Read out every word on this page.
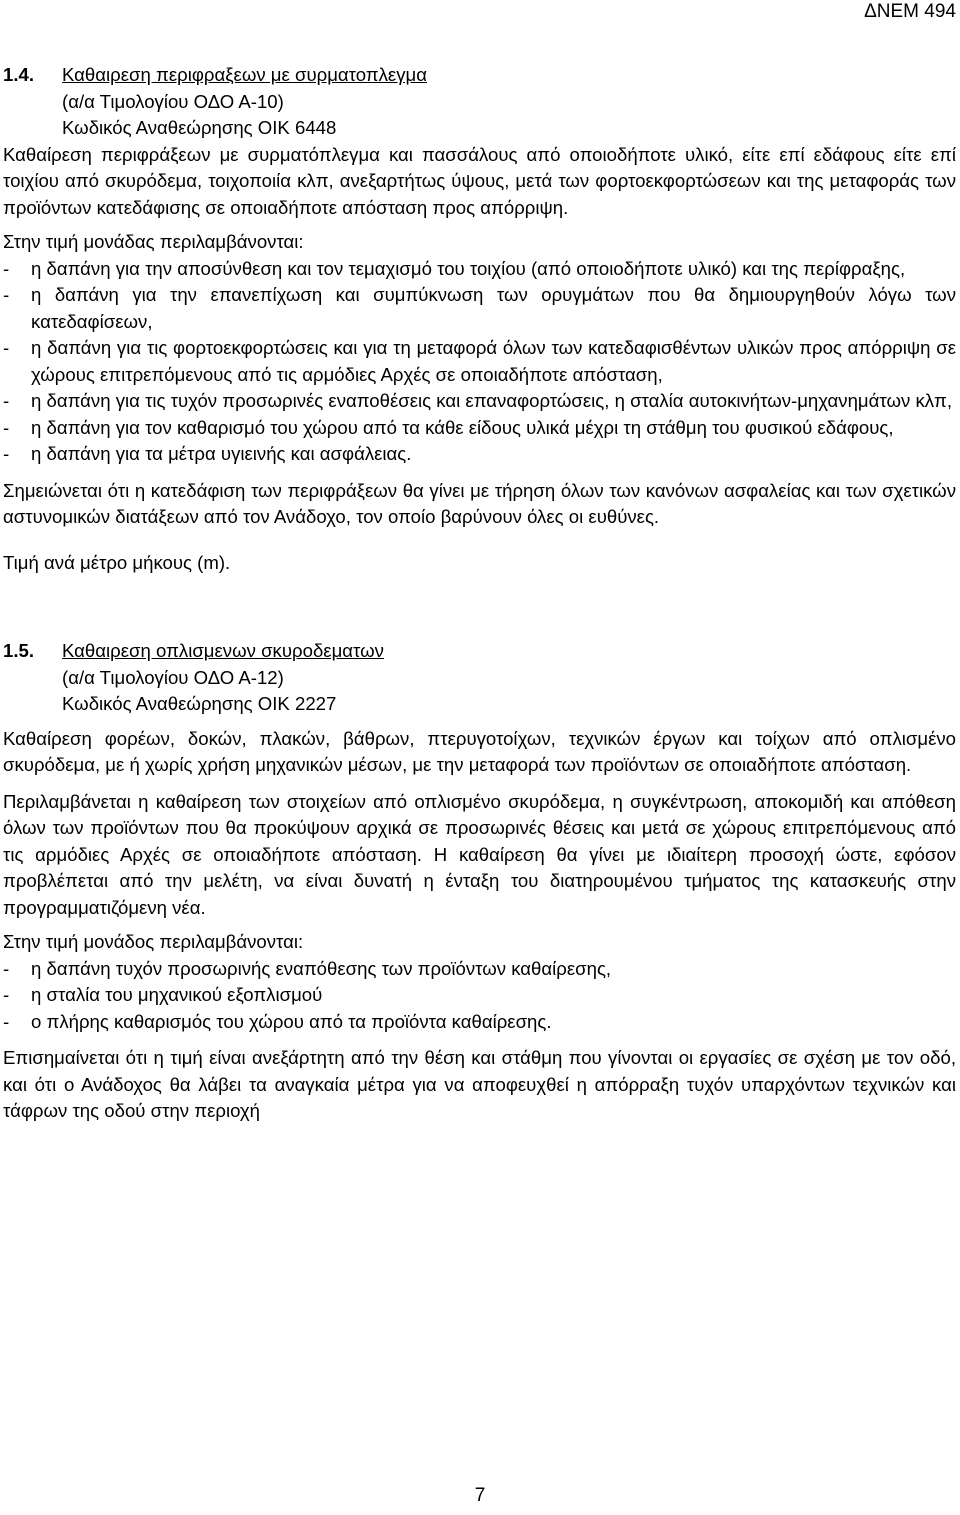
ΔΝΕΜ 494
1.4. Καθαιρεση περιφραξεων με συρματοπλεγμα
(α/α Τιμολογίου ΟΔΟ Α-10)
Κωδικός Αναθεώρησης ΟΙΚ 6448

Καθαίρεση περιφράξεων με συρματόπλεγμα και πασσάλους από οποιοδήποτε υλικό, είτε επί εδάφους είτε επί τοιχίου από σκυρόδεμα, τοιχοποιία κλπ, ανεξαρτήτως ύψους, μετά των φορτοεκφορτώσεων και της μεταφοράς των προϊόντων κατεδάφισης σε οποιαδήποτε απόσταση προς απόρριψη.

Στην τιμή μονάδας περιλαμβάνονται:
- η δαπάνη για την αποσύνθεση και τον τεμαχισμό του τοιχίου (από οποιοδήποτε υλικό) και της περίφραξης,
- η δαπάνη για την επανεπίχωση και συμπύκνωση των ορυγμάτων που θα δημιουργηθούν λόγω των κατεδαφίσεων,
- η δαπάνη για τις φορτοεκφορτώσεις και για τη μεταφορά όλων των κατεδαφισθέντων υλικών προς απόρριψη σε χώρους επιτρεπόμενους από τις αρμόδιες Αρχές σε οποιαδήποτε απόσταση,
- η δαπάνη για τις τυχόν προσωρινές εναποθέσεις και επαναφορτώσεις, η σταλία αυτοκινήτων-μηχανημάτων κλπ,
- η δαπάνη για τον καθαρισμό του χώρου από τα κάθε είδους υλικά μέχρι τη στάθμη του φυσικού εδάφους,
- η δαπάνη για τα μέτρα υγιεινής και ασφάλειας.

Σημειώνεται ότι η κατεδάφιση των περιφράξεων θα γίνει με τήρηση όλων των κανόνων ασφαλείας και των σχετικών αστυνομικών διατάξεων από τον Ανάδοχο, τον οποίο βαρύνουν όλες οι ευθύνες.

Τιμή ανά μέτρο μήκους (m).
1.5. Καθαιρεση οπλισμενων σκυροδεματων
(α/α Τιμολογίου ΟΔΟ Α-12)
Κωδικός Αναθεώρησης ΟΙΚ 2227

Καθαίρεση φορέων, δοκών, πλακών, βάθρων, πτερυγοτοίχων, τεχνικών έργων και τοίχων από οπλισμένο σκυρόδεμα, με ή χωρίς χρήση μηχανικών μέσων, με την μεταφορά των προϊόντων σε οποιαδήποτε απόσταση.

Περιλαμβάνεται η καθαίρεση των στοιχείων από οπλισμένο σκυρόδεμα, η συγκέντρωση, αποκομιδή και απόθεση όλων των προϊόντων που θα προκύψουν αρχικά σε προσωρινές θέσεις και μετά σε χώρους επιτρεπόμενους από τις αρμόδιες Αρχές σε οποιαδήποτε απόσταση. Η καθαίρεση θα γίνει με ιδιαίτερη προσοχή ώστε, εφόσον προβλέπεται από την μελέτη, να είναι δυνατή η ένταξη του διατηρουμένου τμήματος της κατασκευής στην προγραμματιζόμενη νέα.

Στην τιμή μονάδος περιλαμβάνονται:
- η δαπάνη τυχόν προσωρινής εναπόθεσης των προϊόντων καθαίρεσης,
- η σταλία του μηχανικού εξοπλισμού
- ο πλήρης καθαρισμός του χώρου από τα προϊόντα καθαίρεσης.

Επισημαίνεται ότι η τιμή είναι ανεξάρτητη από την θέση και στάθμη που γίνονται οι εργασίες σε σχέση με τον οδό, και ότι ο Ανάδοχος θα λάβει τα αναγκαία μέτρα για να αποφευχθεί η απόρραξη τυχόν υπαρχόντων τεχνικών και τάφρων της οδού στην περιοχή

7
